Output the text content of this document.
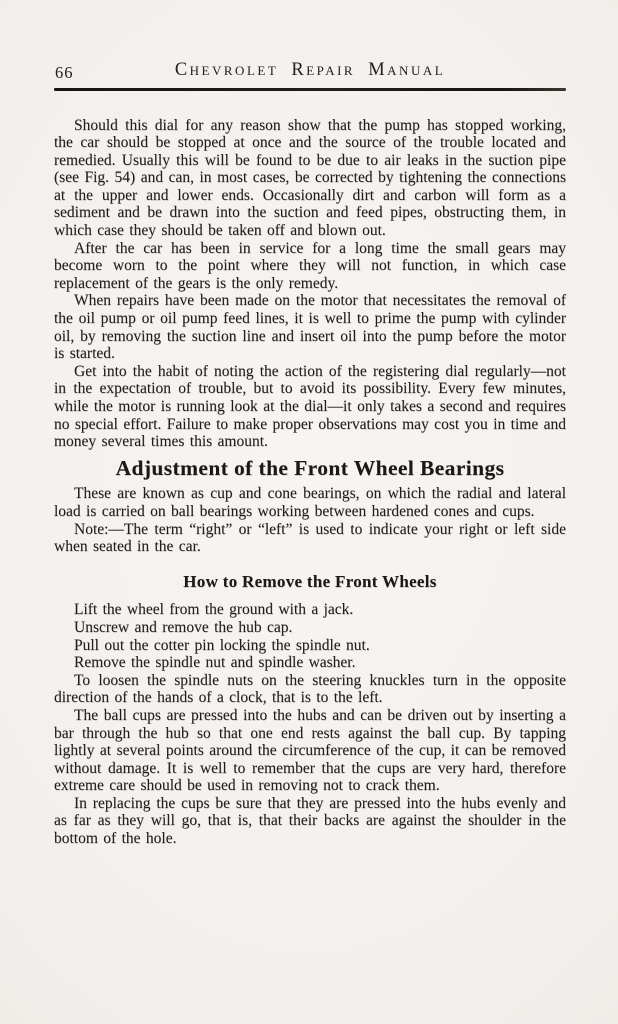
66	Chevrolet Repair Manual

Should this dial for any reason show that the pump has stopped working, the car should be stopped at once and the source of the trouble located and remedied. Usually this will be found to be due to air leaks in the suction pipe (see Fig. 54) and can, in most cases, be corrected by tightening the connections at the upper and lower ends. Occasionally dirt and carbon will form as a sediment and be drawn into the suction and feed pipes, obstructing them, in which case they should be taken off and blown out.

After the car has been in service for a long time the small gears may become worn to the point where they will not function, in which case replacement of the gears is the only remedy.

When repairs have been made on the motor that necessitates the removal of the oil pump or oil pump feed lines, it is well to prime the pump with cylinder oil, by removing the suction line and insert oil into the pump before the motor is started.

Get into the habit of noting the action of the registering dial regularly—not in the expectation of trouble, but to avoid its possibility. Every few minutes, while the motor is running look at the dial—it only takes a second and requires no special effort. Failure to make proper observations may cost you in time and money several times this amount.

Adjustment of the Front Wheel Bearings

These are known as cup and cone bearings, on which the radial and lateral load is carried on ball bearings working between hardened cones and cups.

Note:—The term “right” or “left” is used to indicate your right or left side when seated in the car.

How to Remove the Front Wheels

Lift the wheel from the ground with a jack.

Unscrew and remove the hub cap.

Pull out the cotter pin locking the spindle nut.

Remove the spindle nut and spindle washer.

To loosen the spindle nuts on the steering knuckles turn in the opposite direction of the hands of a clock, that is to the left.

The ball cups are pressed into the hubs and can be driven out by inserting a bar through the hub so that one end rests against the ball cup. By tapping lightly at several points around the circumference of the cup, it can be removed without damage. It is well to remember that the cups are very hard, therefore extreme care should be used in removing not to crack them.

In replacing the cups be sure that they are pressed into the hubs evenly and as far as they will go, that is, that their backs are against the shoulder in the bottom of the hole.
